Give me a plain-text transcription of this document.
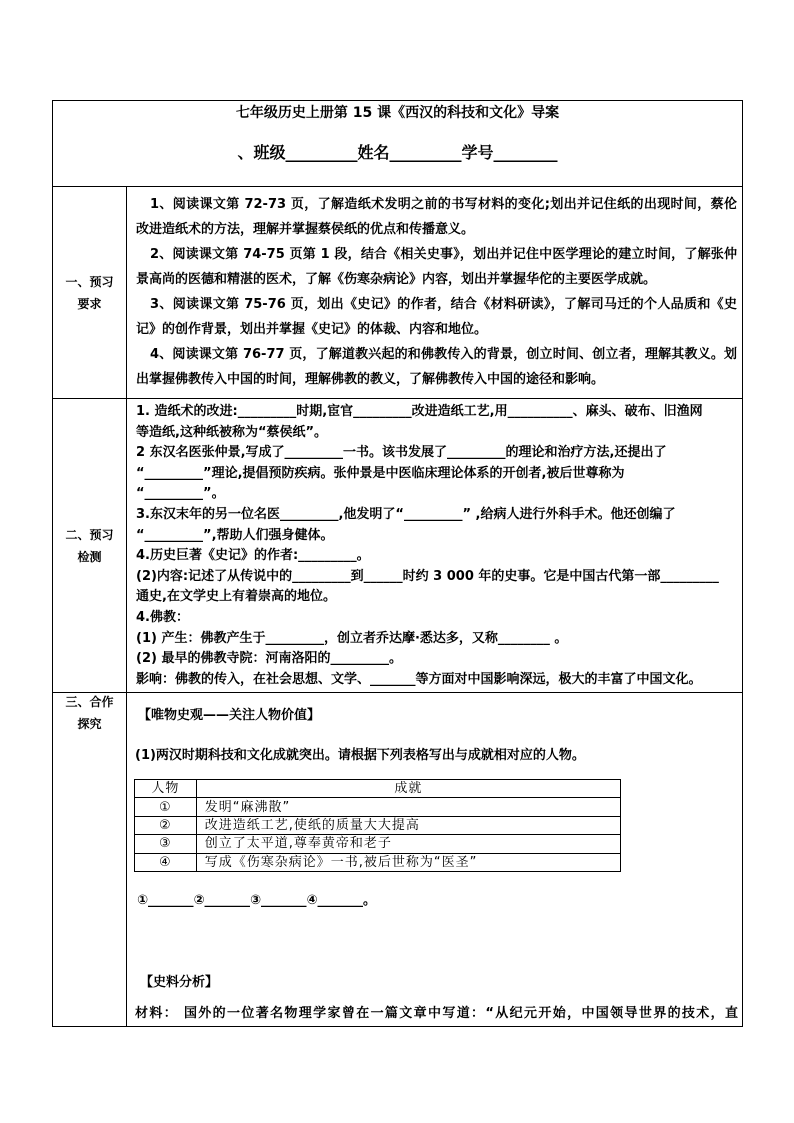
七年级历史上册第 15 课《西汉的科技和文化》导案
、班级_________姓名_________学号________
一、预习
要求
1、阅读课文第 72-73 页，了解造纸术发明之前的书写材料的变化;划出并记住纸的出现时间，蔡伦
改进造纸术的方法，理解并掌握蔡侯纸的优点和传播意义。
2、阅读课文第 74-75 页第 1 段，结合《相关史事》，划出并记住中医学理论的建立时间，了解张仲
景高尚的医德和精湛的医术，了解《伤寒杂病论》内容，划出并掌握华佗的主要医学成就。
3、阅读课文第 75-76 页，划出《史记》的作者，结合《材料研读》，了解司马迁的个人品质和《史
记》的创作背景，划出并掌握《史记》的体裁、内容和地位。
4、阅读课文第 76-77 页，了解道教兴起的和佛教传入的背景，创立时间、创立者，理解其教义。划
出掌握佛教传入中国的时间，理解佛教的教义，了解佛教传入中国的途径和影响。
二、预习
检测
1. 造纸术的改进:_________时期,宦官_________改进造纸工艺,用__________、麻头、破布、旧渔网
等造纸,这种纸被称为“蔡侯纸”。
2 东汉名医张仲景,写成了_________一书。该书发展了_________的理论和治疗方法,还提出了
“_________”理论,提倡预防疾病。张仲景是中医临床理论体系的开创者,被后世尊称为
“_________”。
3.东汉末年的另一位名医_________,他发明了“_________” ,给病人进行外科手术。他还创编了
“_________”,帮助人们强身健体。
4.历史巨著《史记》的作者:_________。
(2)内容:记述了从传说中的_________到______时约 3 000 年的史事。它是中国古代第一部_________
通史,在文学史上有着崇高的地位。
4.佛教：
(1) 产生：佛教产生于_________，创立者乔达摩·悉达多，又称________ 。
(2) 最早的佛教寺院：河南洛阳的_________。
影响：佛教的传入，在社会思想、文学、_______等方面对中国影响深远，极大的丰富了中国文化。
三、合作
探究
【唯物史观——关注人物价值】
(1)两汉时期科技和文化成就突出。请根据下列表格写出与成就相对应的人物。
人物	成就
①	发明“麻沸散”
②	改进造纸工艺,使纸的质量大大提高
③	创立了太平道,尊奉黄帝和老子
④	写成《伤寒杂病论》一书,被后世称为“医圣”
①_______②_______③_______④_______。
【史料分析】
材料： 国外的一位著名物理学家曾在一篇文章中写道：“从纪元开始，中国领导世界的技术，直
